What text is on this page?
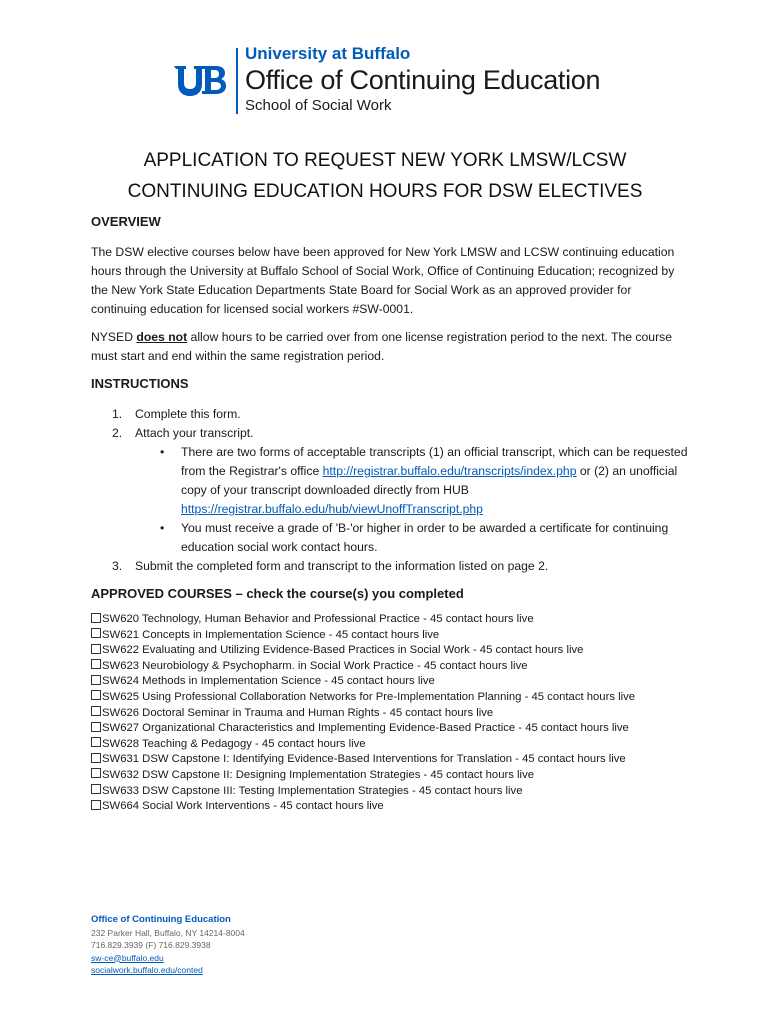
University at Buffalo
Office of Continuing Education
School of Social Work
APPLICATION TO REQUEST NEW YORK LMSW/LCSW
CONTINUING EDUCATION HOURS FOR DSW ELECTIVES
OVERVIEW
The DSW elective courses below have been approved for New York LMSW and LCSW continuing education hours through the University at Buffalo School of Social Work, Office of Continuing Education; recognized by the New York State Education Departments State Board for Social Work as an approved provider for continuing education for licensed social workers #SW-0001.
NYSED does not allow hours to be carried over from one license registration period to the next. The course must start and end within the same registration period.
INSTRUCTIONS
1. Complete this form.
2. Attach your transcript.
• There are two forms of acceptable transcripts (1) an official transcript, which can be requested from the Registrar's office http://registrar.buffalo.edu/transcripts/index.php or (2) an unofficial copy of your transcript downloaded directly from HUB https://registrar.buffalo.edu/hub/viewUnoffTranscript.php
• You must receive a grade of 'B-'or higher in order to be awarded a certificate for continuing education social work contact hours.
3. Submit the completed form and transcript to the information listed on page 2.
APPROVED COURSES – check the course(s) you completed
SW620 Technology, Human Behavior and Professional Practice - 45 contact hours live
SW621 Concepts in Implementation Science - 45 contact hours live
SW622 Evaluating and Utilizing Evidence-Based Practices in Social Work - 45 contact hours live
SW623 Neurobiology & Psychopharm. in Social Work Practice - 45 contact hours live
SW624 Methods in Implementation Science - 45 contact hours live
SW625 Using Professional Collaboration Networks for Pre-Implementation Planning - 45 contact hours live
SW626 Doctoral Seminar in Trauma and Human Rights - 45 contact hours live
SW627 Organizational Characteristics and Implementing Evidence-Based Practice - 45 contact hours live
SW628 Teaching & Pedagogy - 45 contact hours live
SW631 DSW Capstone I: Identifying Evidence-Based Interventions for Translation - 45 contact hours live
SW632 DSW Capstone II: Designing Implementation Strategies - 45 contact hours live
SW633 DSW Capstone III: Testing Implementation Strategies - 45 contact hours live
SW664 Social Work Interventions - 45 contact hours live
Office of Continuing Education
232 Parker Hall, Buffalo, NY 14214-8004
716.829.3939 (F) 716.829.3938
sw-ce@buffalo.edu
socialwork.buffalo.edu/conted
